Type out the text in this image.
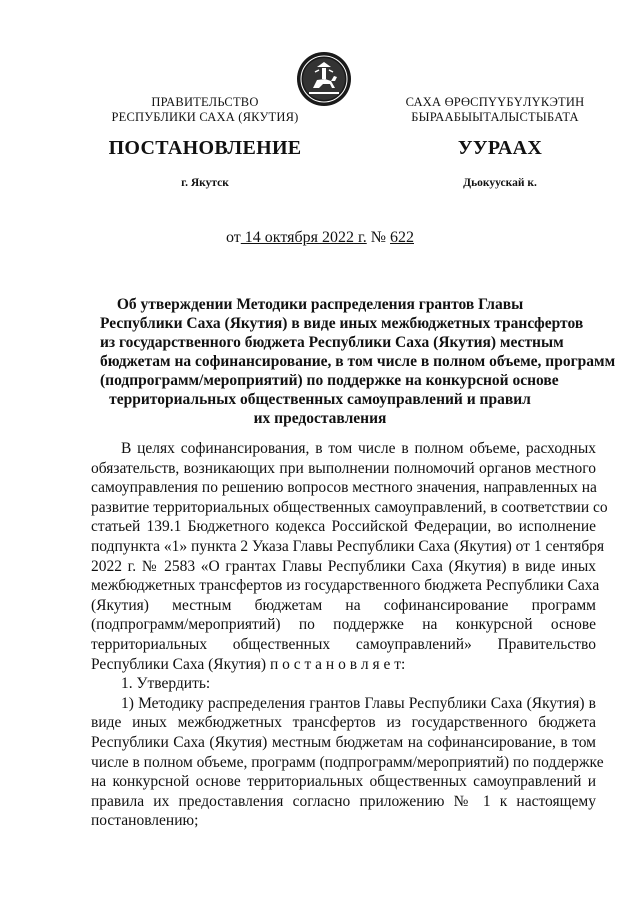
ПРАВИТЕЛЬСТВО
РЕСПУБЛИКИ САХА (ЯКУТИЯ)
САХА ӨРӨСПҮҮБҮЛҮКЭТИН
БЫРААБЫЫТАЛЫСТЫБАТА
ПОСТАНОВЛЕНИЕ	УУРААХ
г. Якутск	Дьокуускай к.
от 14 октября 2022 г. № 622
Об утверждении Методики распределения грантов Главы
Республики Саха (Якутия) в виде иных межбюджетных трансфертов
из государственного бюджета Республики Саха (Якутия) местным
бюджетам на софинансирование, в том числе в полном объеме, программ
(подпрограмм/мероприятий) по поддержке на конкурсной основе
территориальных общественных самоуправлений и правил
их предоставления
В целях софинансирования, в том числе в полном объеме, расходных
обязательств, возникающих при выполнении полномочий органов местного
самоуправления по решению вопросов местного значения, направленных на
развитие территориальных общественных самоуправлений, в соответствии со
статьей 139.1 Бюджетного кодекса Российской Федерации, во исполнение
подпункта «1» пункта 2 Указа Главы Республики Саха (Якутия) от 1 сентября
2022 г. № 2583 «О грантах Главы Республики Саха (Якутия) в виде иных
межбюджетных трансфертов из государственного бюджета Республики Саха
(Якутия) местным бюджетам на софинансирование программ
(подпрограмм/мероприятий) по поддержке на конкурсной основе
территориальных общественных самоуправлений» Правительство
Республики Саха (Якутия) п о с т а н о в л я е т:
1. Утвердить:
1) Методику распределения грантов Главы Республики Саха (Якутия) в
виде иных межбюджетных трансфертов из государственного бюджета
Республики Саха (Якутия) местным бюджетам на софинансирование, в том
числе в полном объеме, программ (подпрограмм/мероприятий) по поддержке
на конкурсной основе территориальных общественных самоуправлений и
правила их предоставления согласно приложению № 1 к настоящему
постановлению;
